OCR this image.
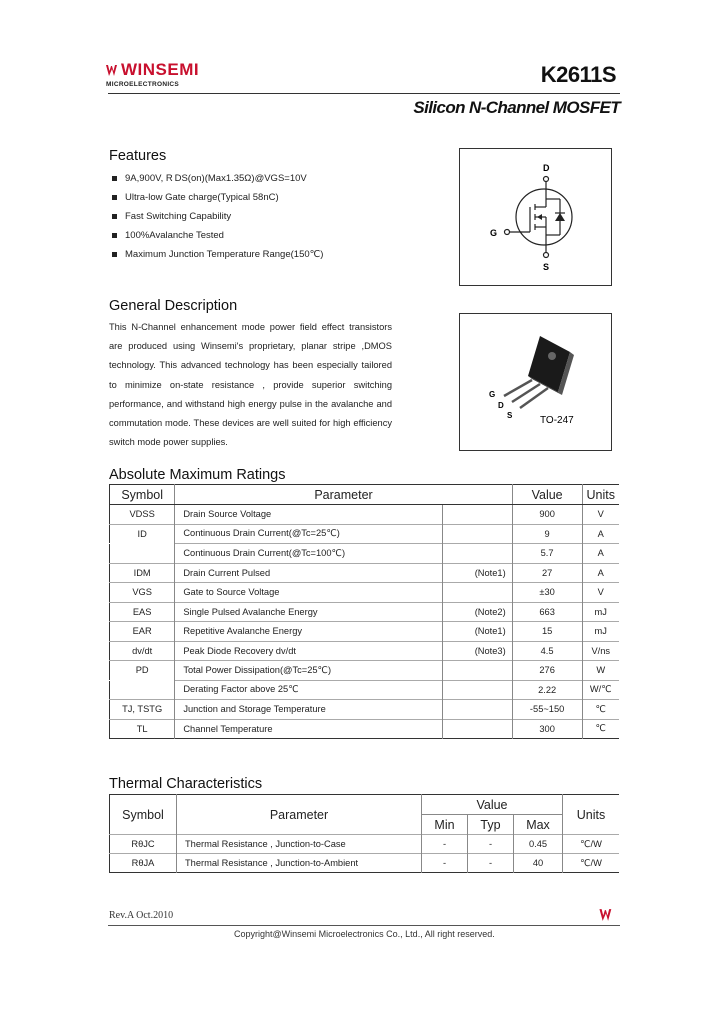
WINSEMI
MICROELECTRONICS	K2611S
Silicon N-Channel MOSFET
Features
9A,900V, R DS(on)(Max1.35Ω)@VGS=10V
Ultra-low Gate charge(Typical 58nC)
Fast Switching Capability
100%Avalanche Tested
Maximum Junction Temperature Range(150℃)
D
G
S
G
D
S	TO-247
General Description
This N-Channel enhancement mode power field effect transistors are produced using Winsemi's proprietary, planar stripe ,DMOS technology. This advanced technology has been especially tailored to minimize on-state resistance , provide superior switching performance, and withstand high energy pulse in the avalanche and commutation mode. These devices are well suited for high efficiency switch mode power supplies.
Absolute Maximum Ratings
Symbol	Parameter		Value	Units
VDSS	Drain Source Voltage		900	V
ID	Continuous Drain Current(@Tc=25℃)		9	A
	Continuous Drain Current(@Tc=100℃)		5.7	A
IDM	Drain Current Pulsed	(Note1)	27	A
VGS	Gate to Source Voltage		±30	V
EAS	Single Pulsed Avalanche Energy	(Note2)	663	mJ
EAR	Repetitive Avalanche Energy	(Note1)	15	mJ
dv/dt	Peak Diode Recovery dv/dt	(Note3)	4.5	V/ns
PD	Total Power Dissipation(@Tc=25℃)		276	W
	Derating Factor above 25℃		2.22	W/℃
TJ, TSTG	Junction and Storage Temperature		-55~150	℃
TL	Channel Temperature		300	℃
Thermal Characteristics
Symbol	Parameter	Value			Units
		Min	Typ	Max	
RθJC	Thermal Resistance , Junction-to-Case	-	-	0.45	℃/W
RθJA	Thermal Resistance , Junction-to-Ambient	-	-	40	℃/W
Rev.A Oct.2010
Copyright@Winsemi Microelectronics Co., Ltd., All right reserved.
